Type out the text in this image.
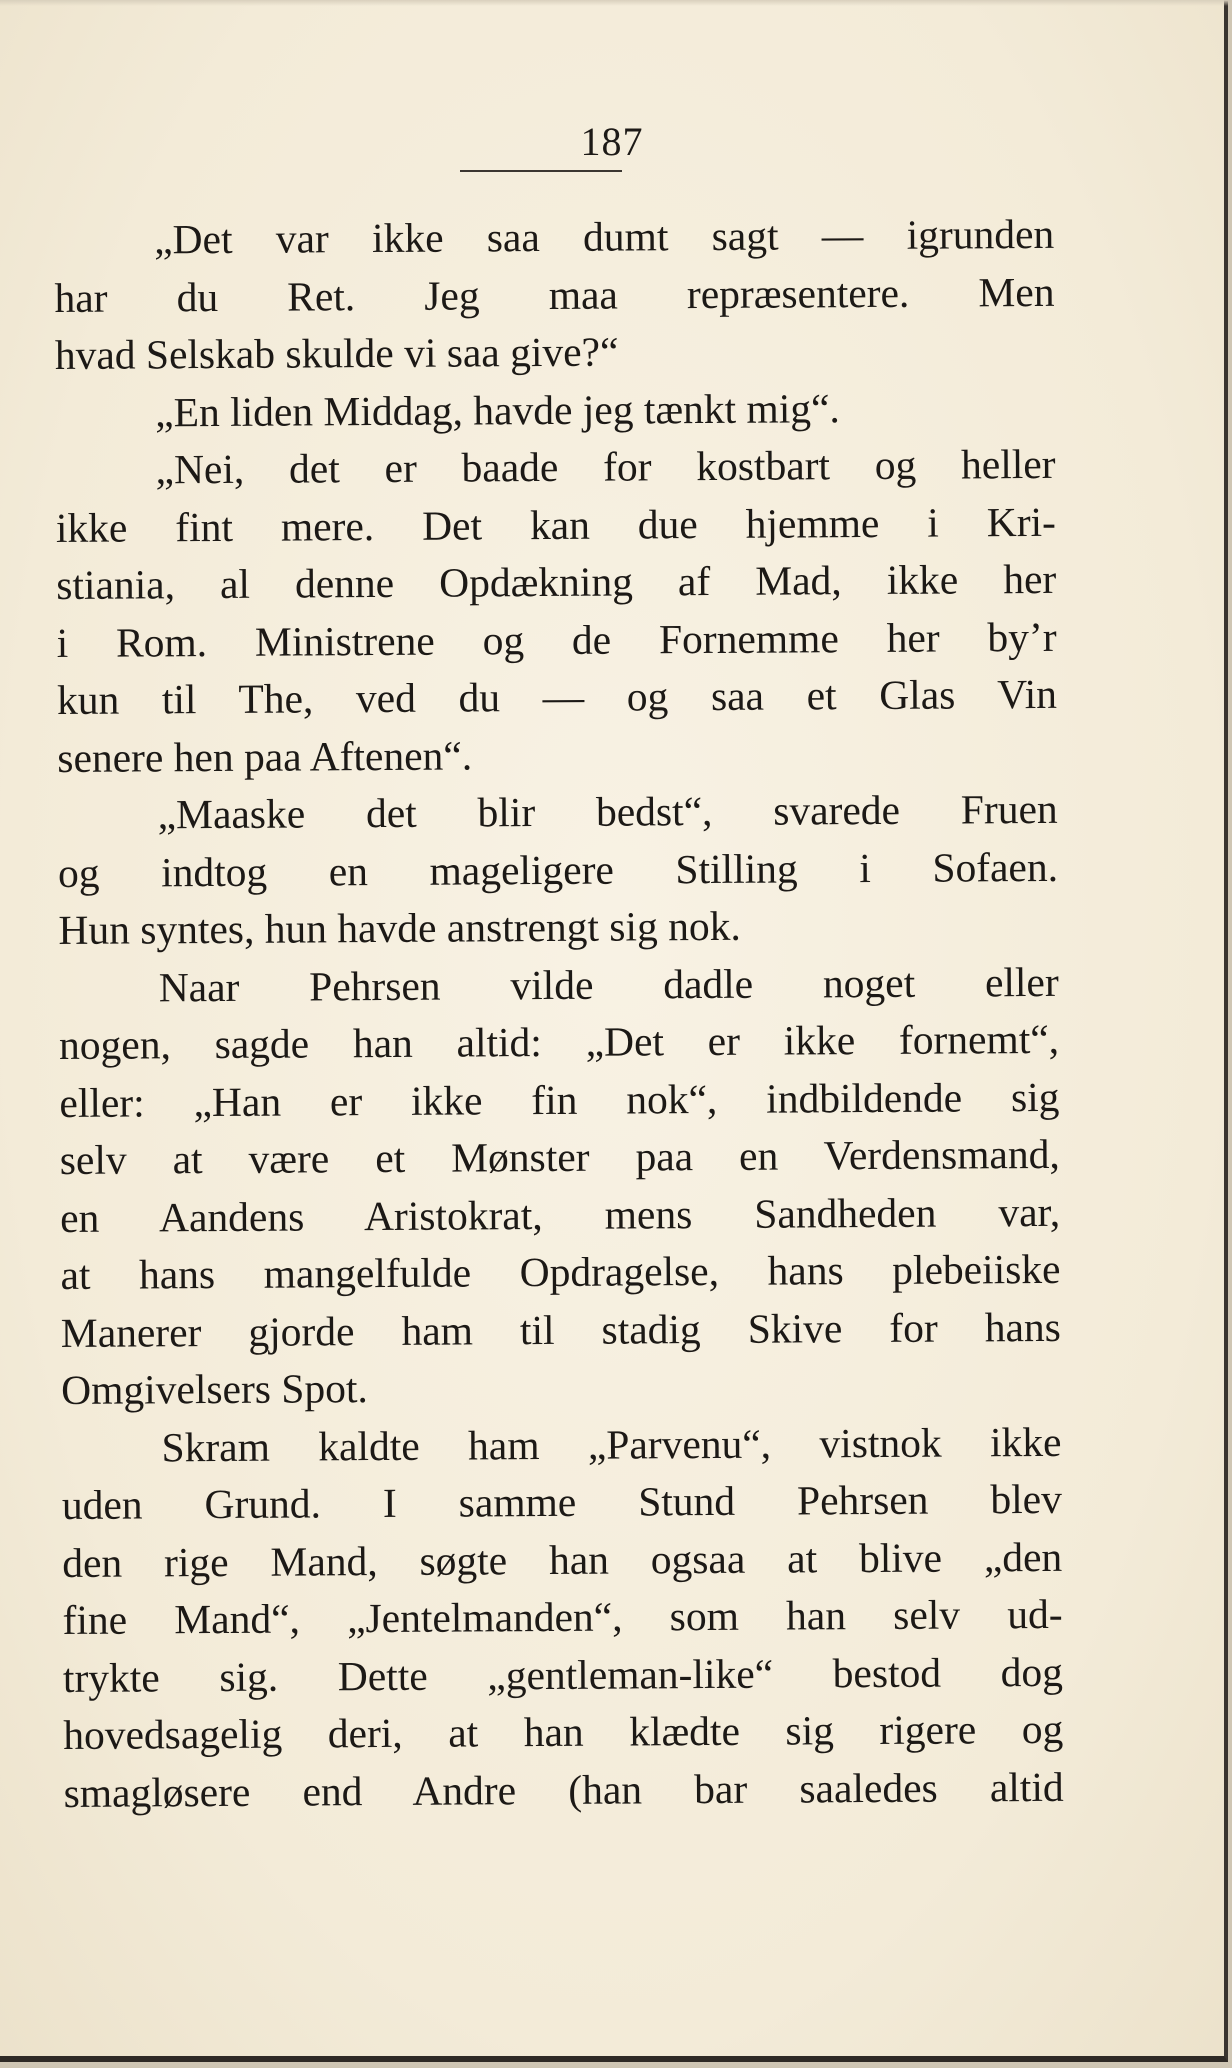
187
„Det var ikke saa dumt sagt — igrunden
har du Ret. Jeg maa repræsentere. Men
hvad Selskab skulde vi saa give?“
„En liden Middag, havde jeg tænkt mig“.
„Nei, det er baade for kostbart og heller
ikke fint mere. Det kan due hjemme i Kri-
stiania, al denne Opdækning af Mad, ikke her
i Rom. Ministrene og de Fornemme her by’r
kun til The, ved du — og saa et Glas Vin
senere hen paa Aftenen“.
„Maaske det blir bedst“, svarede Fruen
og indtog en mageligere Stilling i Sofaen.
Hun syntes, hun havde anstrengt sig nok.
Naar Pehrsen vilde dadle noget eller
nogen, sagde han altid: „Det er ikke fornemt“,
eller: „Han er ikke fin nok“, indbildende sig
selv at være et Mønster paa en Verdensmand,
en Aandens Aristokrat, mens Sandheden var,
at hans mangelfulde Opdragelse, hans plebeiiske
Manerer gjorde ham til stadig Skive for hans
Omgivelsers Spot.
Skram kaldte ham „Parvenu“, vistnok ikke
uden Grund. I samme Stund Pehrsen blev
den rige Mand, søgte han ogsaa at blive „den
fine Mand“, „Jentelmanden“, som han selv ud-
trykte sig. Dette „gentleman-like“ bestod dog
hovedsagelig deri, at han klædte sig rigere og
smagløsere end Andre (han bar saaledes altid
